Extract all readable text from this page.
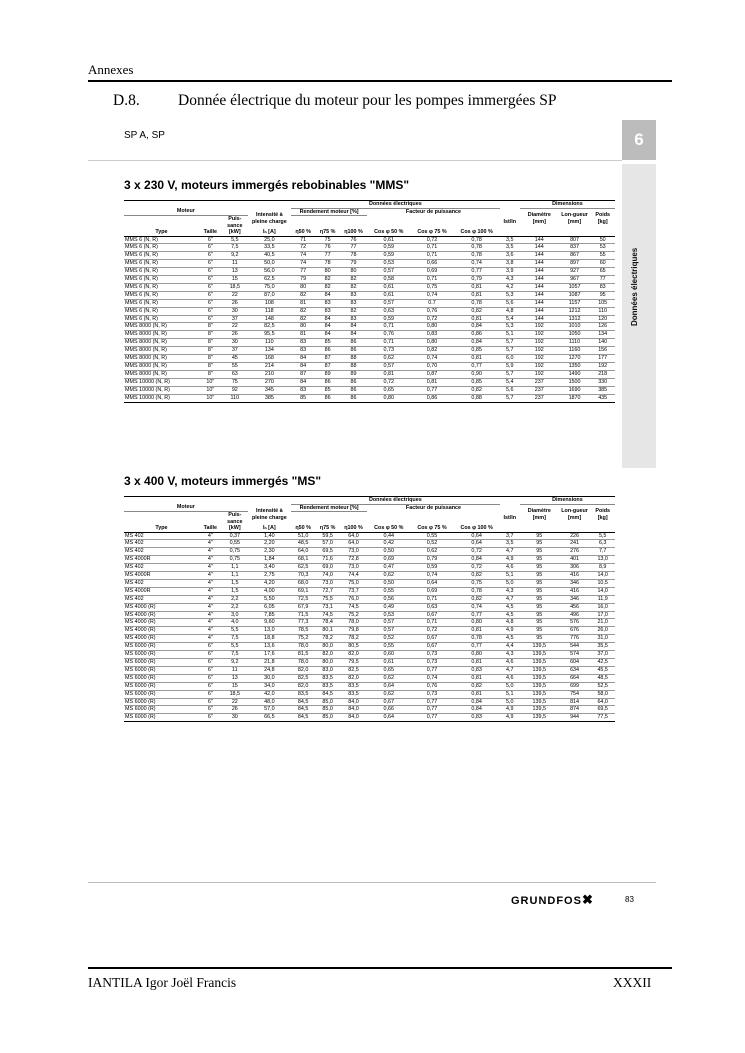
Annexes
D.8. Donnée électrique du moteur pour les pompes immergées SP
SP A, SP	6
Données électriques
3 x 230 V, moteurs immergés rebobinables "MMS"
				Données électriques							Dimensions		
Moteur			Intensité à pleine charge	Rendement moteur [%]			Facteur de puissance				Diamètre [mm]	Lon-gueur [mm]	Poids [kg]
		Puis-sance								Ist/In			
Type	Taille	[kW]	Iₙ [A]	η50 %	η75 %	η100 %	Cos φ 50 %	Cos φ 75 %	Cos φ 100 %				
MMS 6 (N, R)	6"	5,5	25,0	71	75	76	0,61	0,72	0,78	3,5	144	807	50
MMS 6 (N, R)	6"	7,5	33,5	72	76	77	0,59	0,71	0,78	3,5	144	837	53
MMS 6 (N, R)	6"	9,2	40,5	74	77	78	0,59	0,71	0,78	3,6	144	867	55
MMS 6 (N, R)	6"	11	50,0	74	78	79	0,53	0,66	0,74	3,8	144	897	60
MMS 6 (N, R)	6"	13	56,0	77	80	80	0,57	0,69	0,77	3,9	144	927	65
MMS 6 (N, R)	6"	15	62,5	79	82	82	0,58	0,71	0,79	4,3	144	967	77
MMS 6 (N, R)	6"	18,5	75,0	80	82	82	0,61	0,75	0,81	4,2	144	1057	83
MMS 6 (N, R)	6"	22	87,0	82	84	83	0,61	0,74	0,81	5,3	144	1087	95
MMS 6 (N, R)	6"	26	108	81	83	83	0,57	0.7	0,78	5,6	144	1157	105
MMS 6 (N, R)	6"	30	118	82	83	82	0,63	0,76	0,82	4,8	144	1212	110
MMS 6 (N, R)	6"	37	148	82	84	83	0,59	0,72	0,81	5,4	144	1312	120
MMS 8000 (N, R)	8"	22	82,5	80	84	84	0,71	0,80	0,84	5,3	192	1010	126
MMS 8000 (N, R)	8"	26	95,5	81	84	84	0,76	0,83	0,86	5,1	192	1050	134
MMS 8000 (N, R)	8"	30	110	83	85	86	0,71	0,80	0,84	5,7	192	1110	140
MMS 8000 (N, R)	8"	37	134	83	86	86	0,73	0,82	0,85	5,7	192	1160	156
MMS 8000 (N, R)	8"	45	168	84	87	88	0,62	0,74	0,81	6,0	192	1270	177
MMS 8000 (N, R)	8"	55	214	84	87	88	0,57	0,70	0,77	5,9	192	1350	192
MMS 8000 (N, R)	8"	63	210	87	89	89	0,81	0,87	0,90	5,7	192	1490	218
MMS 10000 (N, R)	10"	75	270	84	86	86	0,72	0,81	0,85	5,4	237	1500	330
MMS 10000 (N, R)	10"	92	345	83	85	86	0,65	0,77	0,82	5,6	237	1690	385
MMS 10000 (N, R)	10"	110	385	85	86	86	0,80	0,86	0,88	5,7	237	1870	435
3 x 400 V, moteurs immergés "MS"
				Données électriques							Dimensions		
Moteur			Intensité à pleine charge	Rendement moteur [%]			Facteur de puissance				Diamètre [mm]	Lon-gueur [mm]	Poids [kg]
		Puis-sance								Ist/In			
Type	Taille	[kW]	Iₙ [A]	η50 %	η75 %	η100 %	Cos φ 50 %	Cos φ 75 %	Cos φ 100 %				
MS 402	4"	0,37	1,40	51,0	59,5	64,0	0,44	0,55	0,64	3,7	95	226	5,5
MS 402	4"	0,55	2,20	48,5	57,0	64,0	0,42	0,52	0,64	3,5	95	241	6,3
MS 402	4"	0,75	2,30	64,0	69,5	73,0	0,50	0,62	0,72	4,7	95	276	7,7
MS 4000R	4"	0,75	1,84	68,1	71,6	72,8	0,69	0,79	0,84	4,9	95	401	13,0
MS 402	4"	1,1	3,40	62,5	69,0	73,0	0,47	0,59	0,72	4,6	95	306	8,9
MS 4000R	4"	1,1	2,75	70,3	74,0	74,4	0,62	0,74	0,82	5,1	95	416	14,0
MS 402	4"	1,5	4,20	68,0	73,0	75,0	0,50	0,64	0,75	5,0	95	346	10,5
MS 4000R	4"	1,5	4,00	69,1	72,7	73,7	0,55	0,69	0,78	4,3	95	416	14,0
MS 402	4"	2,2	5,50	72,5	75,5	76,0	0,56	0,71	0,82	4,7	95	346	11,9
MS 4000 (R)	4"	2,2	6,05	67,9	73,1	74,5	0,49	0,63	0,74	4,5	95	456	16,0
MS 4000 (R)	4"	3,0	7,85	71,5	74,5	75,2	0,53	0,67	0,77	4,5	95	496	17,0
MS 4000 (R)	4"	4,0	9,60	77,3	78,4	78,0	0,57	0,71	0,80	4,8	95	576	21,0
MS 4000 (R)	4"	5,5	13,0	78,5	80,1	79,8	0,57	0,72	0,81	4,9	95	676	26,0
MS 4000 (R)	4"	7,5	18,8	75,2	78,2	78,2	0,52	0,67	0,78	4,5	95	776	31,0
MS 6000 (R)	6"	5,5	13,6	78,0	80,0	80,5	0,55	0,67	0,77	4,4	139,5	544	35,5
MS 6000 (R)	6"	7,5	17,6	81,5	82,0	82,0	0,60	0,73	0,80	4,3	139,5	574	37,0
MS 6000 (R)	6"	9,2	21,8	78,0	80,0	79,5	0,61	0,73	0,81	4,6	139,5	604	42,5
MS 6000 (R)	6"	11	24,8	82,0	83,0	82,5	0,65	0,77	0,83	4,7	139,5	634	45,5
MS 6000 (R)	6"	13	30,0	82,5	83,5	82,0	0,62	0,74	0,81	4,6	139,5	664	48,5
MS 6000 (R)	6"	15	34,0	82,0	83,5	83,5	0,64	0,76	0,82	5,0	139,5	699	52,5
MS 6000 (R)	6"	18,5	42,0	83,5	84,5	83,5	0,62	0,73	0,81	5,1	139,5	754	58,0
MS 6000 (R)	6"	22	48,0	84,5	85,0	84,0	0,67	0,77	0,84	5,0	139,5	814	64,0
MS 6000 (R)	6"	26	57,0	84,5	85,0	84,0	0,66	0,77	0,84	4,9	139,5	874	69,5
MS 6000 (R)	6"	30	66,5	84,5	85,0	84,0	0,64	0,77	0,83	4,9	139,5	944	77,5
GRUNDFOS✖	83
IANTILA Igor Joël Francis	XXXII
